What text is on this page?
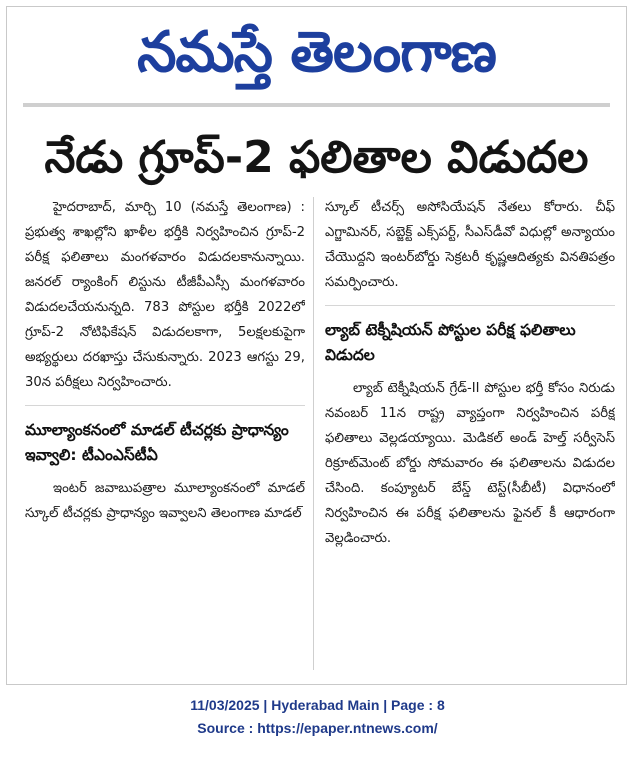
నమస్తే తెలంగాణ
నేడు గ్రూప్-2 ఫలితాల విడుదల

హైదరాబాద్, మార్చి 10 (నమస్తే తెలంగాణ) : ప్రభుత్వ శాఖల్లోని ఖాళీల భర్తీకి నిర్వహించిన గ్రూప్-2 పరీక్ష ఫలితాలు మంగళవారం విడుదలకానున్నాయి. జనరల్ ర్యాంకింగ్ లిస్టును టీజీపీఎస్సీ మంగళవారం విడుదలచేయనున్నది. 783 పోస్టుల భర్తీకి 2022లో గ్రూప్-2 నోటిఫికేషన్ విడుదలకాగా, 5లక్షలకుపైగా అభ్యర్థులు దరఖాస్తు చేసుకున్నారు. 2023 ఆగస్టు 29, 30న పరీక్షలు నిర్వహించారు.

మూల్యాంకనంలో మాడల్ టీచర్లకు ప్రాధాన్యం ఇవ్వాలి: టీఎంఎస్‌టీఏ

ఇంటర్ జవాబుపత్రాల మూల్యాంకనంలో మాడల్ స్కూల్ టీచర్లకు ప్రాధాన్యం ఇవ్వాలని తెలంగాణ మాడల్

స్కూల్ టీచర్స్ అసోసియేషన్ నేతలు కోరారు. చీఫ్ ఎగ్జామినర్, సబ్జెక్ట్ ఎక్స్‌పర్ట్, సీఎస్‌డీవో విధుల్లో అన్యాయం చేయొద్దని ఇంటర్‌బోర్డు సెక్రటరీ కృష్ణఆదిత్యకు వినతిపత్రం సమర్పించారు.

ల్యాబ్ టెక్నీషియన్ పోస్టుల పరీక్ష ఫలితాలు విడుదల

ల్యాబ్ టెక్నీషియన్ గ్రేడ్-II పోస్టుల భర్తీ కోసం నిరుడు నవంబర్ 11న రాష్ట్ర వ్యాప్తంగా నిర్వహించిన పరీక్ష ఫలితాలు వెల్లడయ్యాయి. మెడికల్ అండ్ హెల్త్ సర్వీసెస్ రిక్రూట్‌మెంట్ బోర్డు సోమవారం ఈ ఫలితాలను విడుదల చేసింది. కంప్యూటర్ బేస్డ్ టెస్ట్(సీబీటీ) విధానంలో నిర్వహించిన ఈ పరీక్ష ఫలితాలను ఫైనల్ కీ ఆధారంగా వెల్లడించారు.

11/03/2025 | Hyderabad Main | Page : 8
Source : https://epaper.ntnews.com/
